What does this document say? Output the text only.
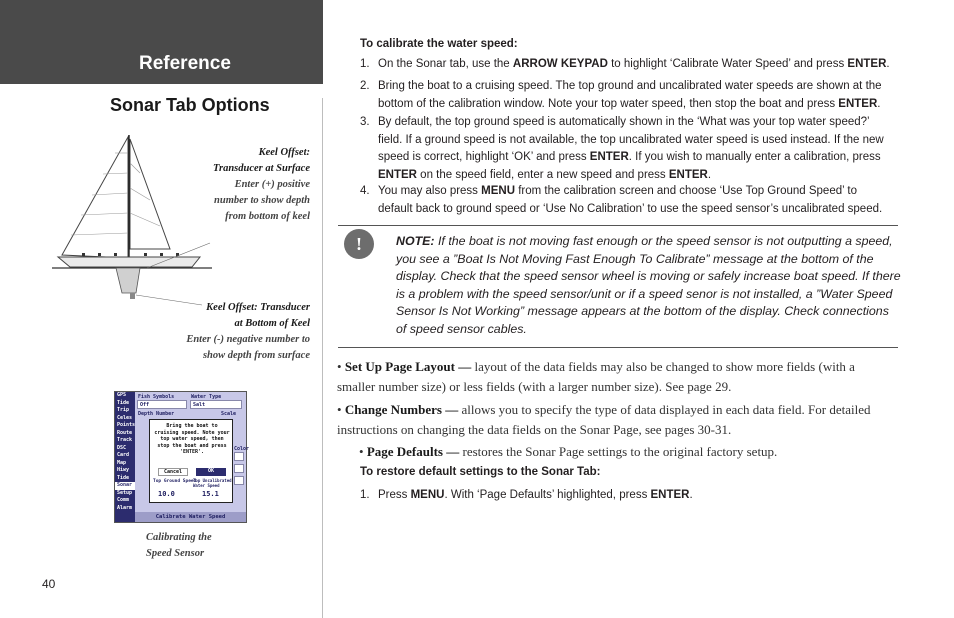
Reference
Sonar Tab Options
Keel Offset:
Transducer at Surface
Enter (+) positive
number to show depth
from bottom of keel
Keel Offset: Transducer
at Bottom of Keel
Enter (-) negative number to
show depth from surface
GPS
Tide
Trip
Celes
Points
Route
Track
DSC
Card
Map
Hiwy
Tide
Sonar
Setup
Comm
Alarm
Fish Symbols	Water Type
Off	Salt
Depth Number	Scale
Color
Bring the boat to cruising speed. Note your top water speed, then stop the boat and press 'ENTER'.
Cancel	OK
Top Ground Speed
Top Uncalibrated Water Speed
10.0	15.1
Calibrate Water Speed
Calibrating the
Speed Sensor
40
To calibrate the water speed:
1. On the Sonar tab, use the ARROW KEYPAD to highlight ‘Calibrate Water Speed’ and press ENTER.
2. Bring the boat to a cruising speed. The top ground and uncalibrated water speeds are shown at the bottom of the calibration window. Note your top water speed, then stop the boat and press ENTER.
3. By default, the top ground speed is automatically shown in the ‘What was your top water speed?’ field. If a ground speed is not available, the top uncalibrated water speed is used instead. If the new speed is correct, highlight ‘OK’ and press ENTER. If you wish to manually enter a calibration, press ENTER on the speed field, enter a new speed and press ENTER.
4. You may also press MENU from the calibration screen and choose ‘Use Top Ground Speed’ to default back to ground speed or ‘Use No Calibration’ to use the speed sensor’s uncalibrated speed.
!	NOTE: If the boat is not moving fast enough or the speed sensor is not outputting a speed, you see a ”Boat Is Not Moving Fast Enough To Calibrate” message at the bottom of the display. Check that the speed sensor wheel is moving or safely increase boat speed. If there is a problem with the speed sensor/unit or if a speed senor is not installed, a ”Water Speed Sensor Is Not Working” message appears at the bottom of the display. Check connections of speed sensor cables.
• Set Up Page Layout — layout of the data fields may also be changed to show more fields (with a smaller number size) or less fields (with a larger number size). See page 29.
• Change Numbers — allows you to specify the type of data displayed in each data field. For detailed instructions on changing the data fields on the Sonar Page, see pages 30-31.
• Page Defaults — restores the Sonar Page settings to the original factory setup.
To restore default settings to the Sonar Tab:
1. Press MENU. With ‘Page Defaults’ highlighted, press ENTER.
